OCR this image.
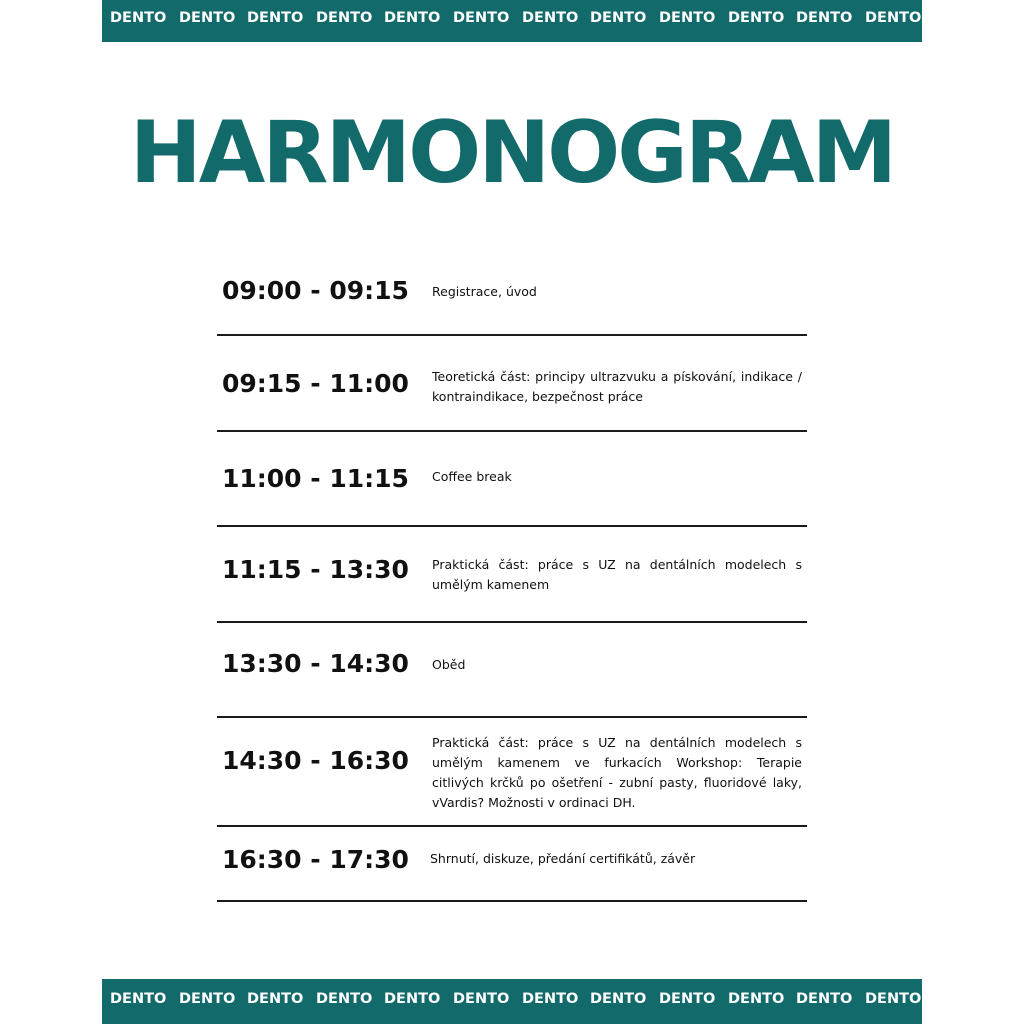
DENTO DENTO DENTO DENTO DENTO DENTO DENTO DENTO DENTO DENTO DENTO DENTO
HARMONOGRAM
09:00 - 09:15 Registrace, úvod
09:15 - 11:00 Teoretická část: principy ultrazvuku a pískování, indikace / kontraindikace, bezpečnost práce
11:00 - 11:15 Coffee break
11:15 - 13:30 Praktická část: práce s UZ na dentálních modelech s umělým kamenem
13:30 - 14:30 Oběd
14:30 - 16:30
Praktická část: práce s UZ na dentálních modelech s umělým kamenem ve furkacích Workshop: Terapie citlivých krčků po ošetření - zubní pasty, fluoridové laky, vVardis? Možnosti v ordinaci DH.
16:30 - 17:30 Shrnutí, diskuze, předání certifikátů, závěr
DENTO DENTO DENTO DENTO DENTO DENTO DENTO DENTO DENTO DENTO DENTO DENTO
